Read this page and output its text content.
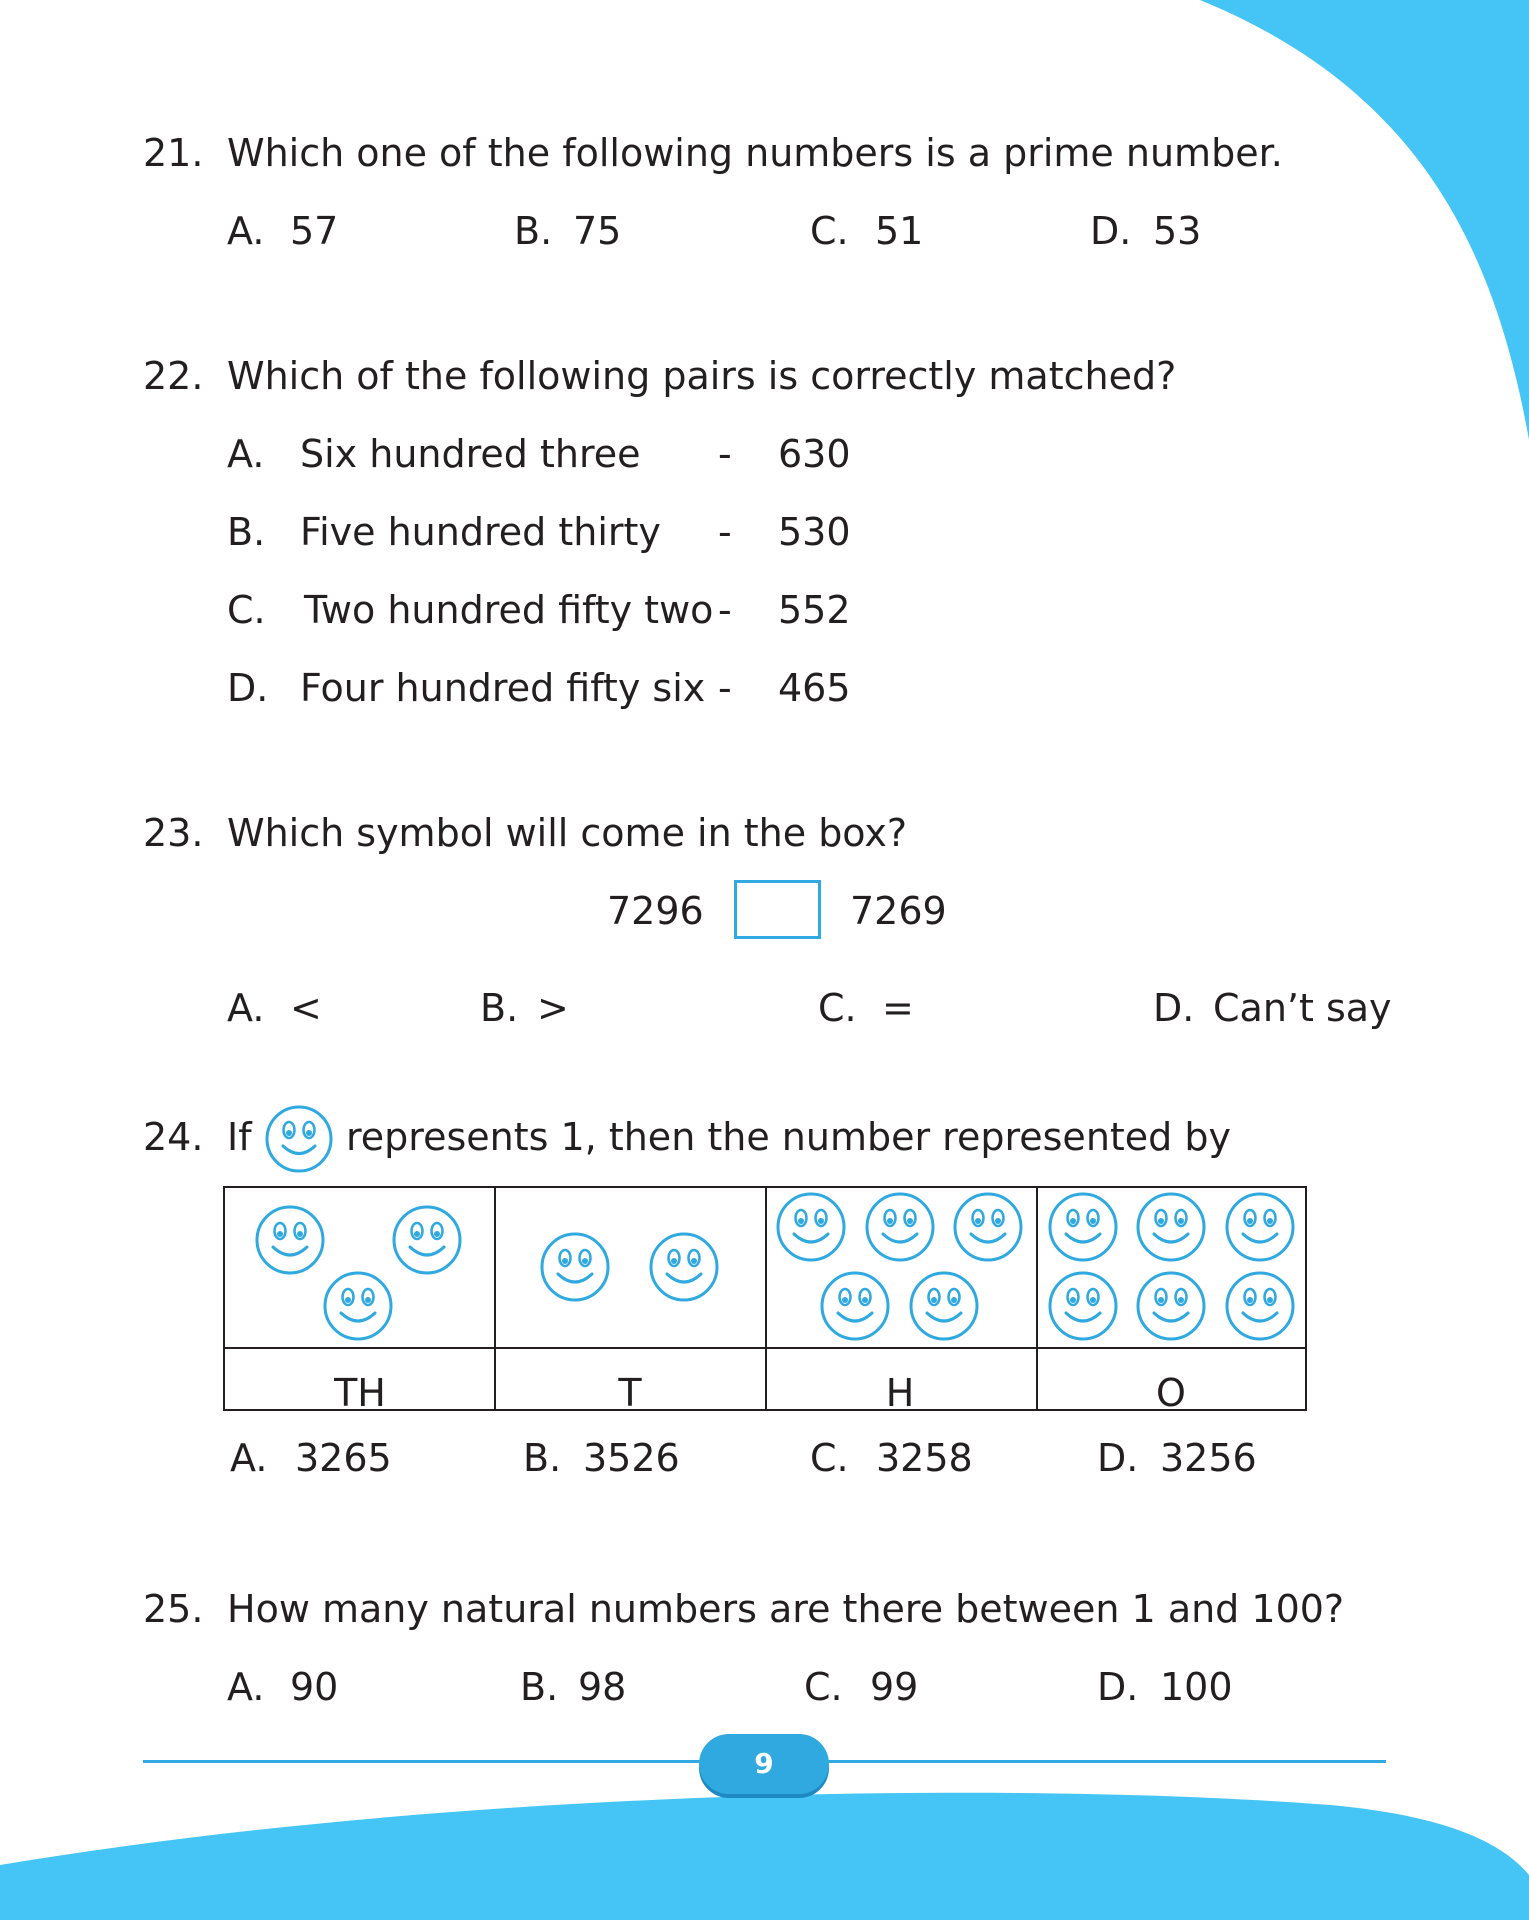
21. Which one of the following numbers is a prime number.
A. 57	B. 75	C. 51	D. 53
22. Which of the following pairs is correctly matched?
A. Six hundred three - 630
B. Five hundred thirty - 530
C. Two hundred fifty two - 552
D. Four hundred fifty six - 465
23. Which symbol will come in the box?
7296	7269
A. <	B. >	C. =	D. Can’t say
24. If represents 1, then the number represented by
TH	T	H	O
A. 3265	B. 3526	C. 3258	D. 3256
25. How many natural numbers are there between 1 and 100?
A. 90	B. 98	C. 99	D. 100
9
